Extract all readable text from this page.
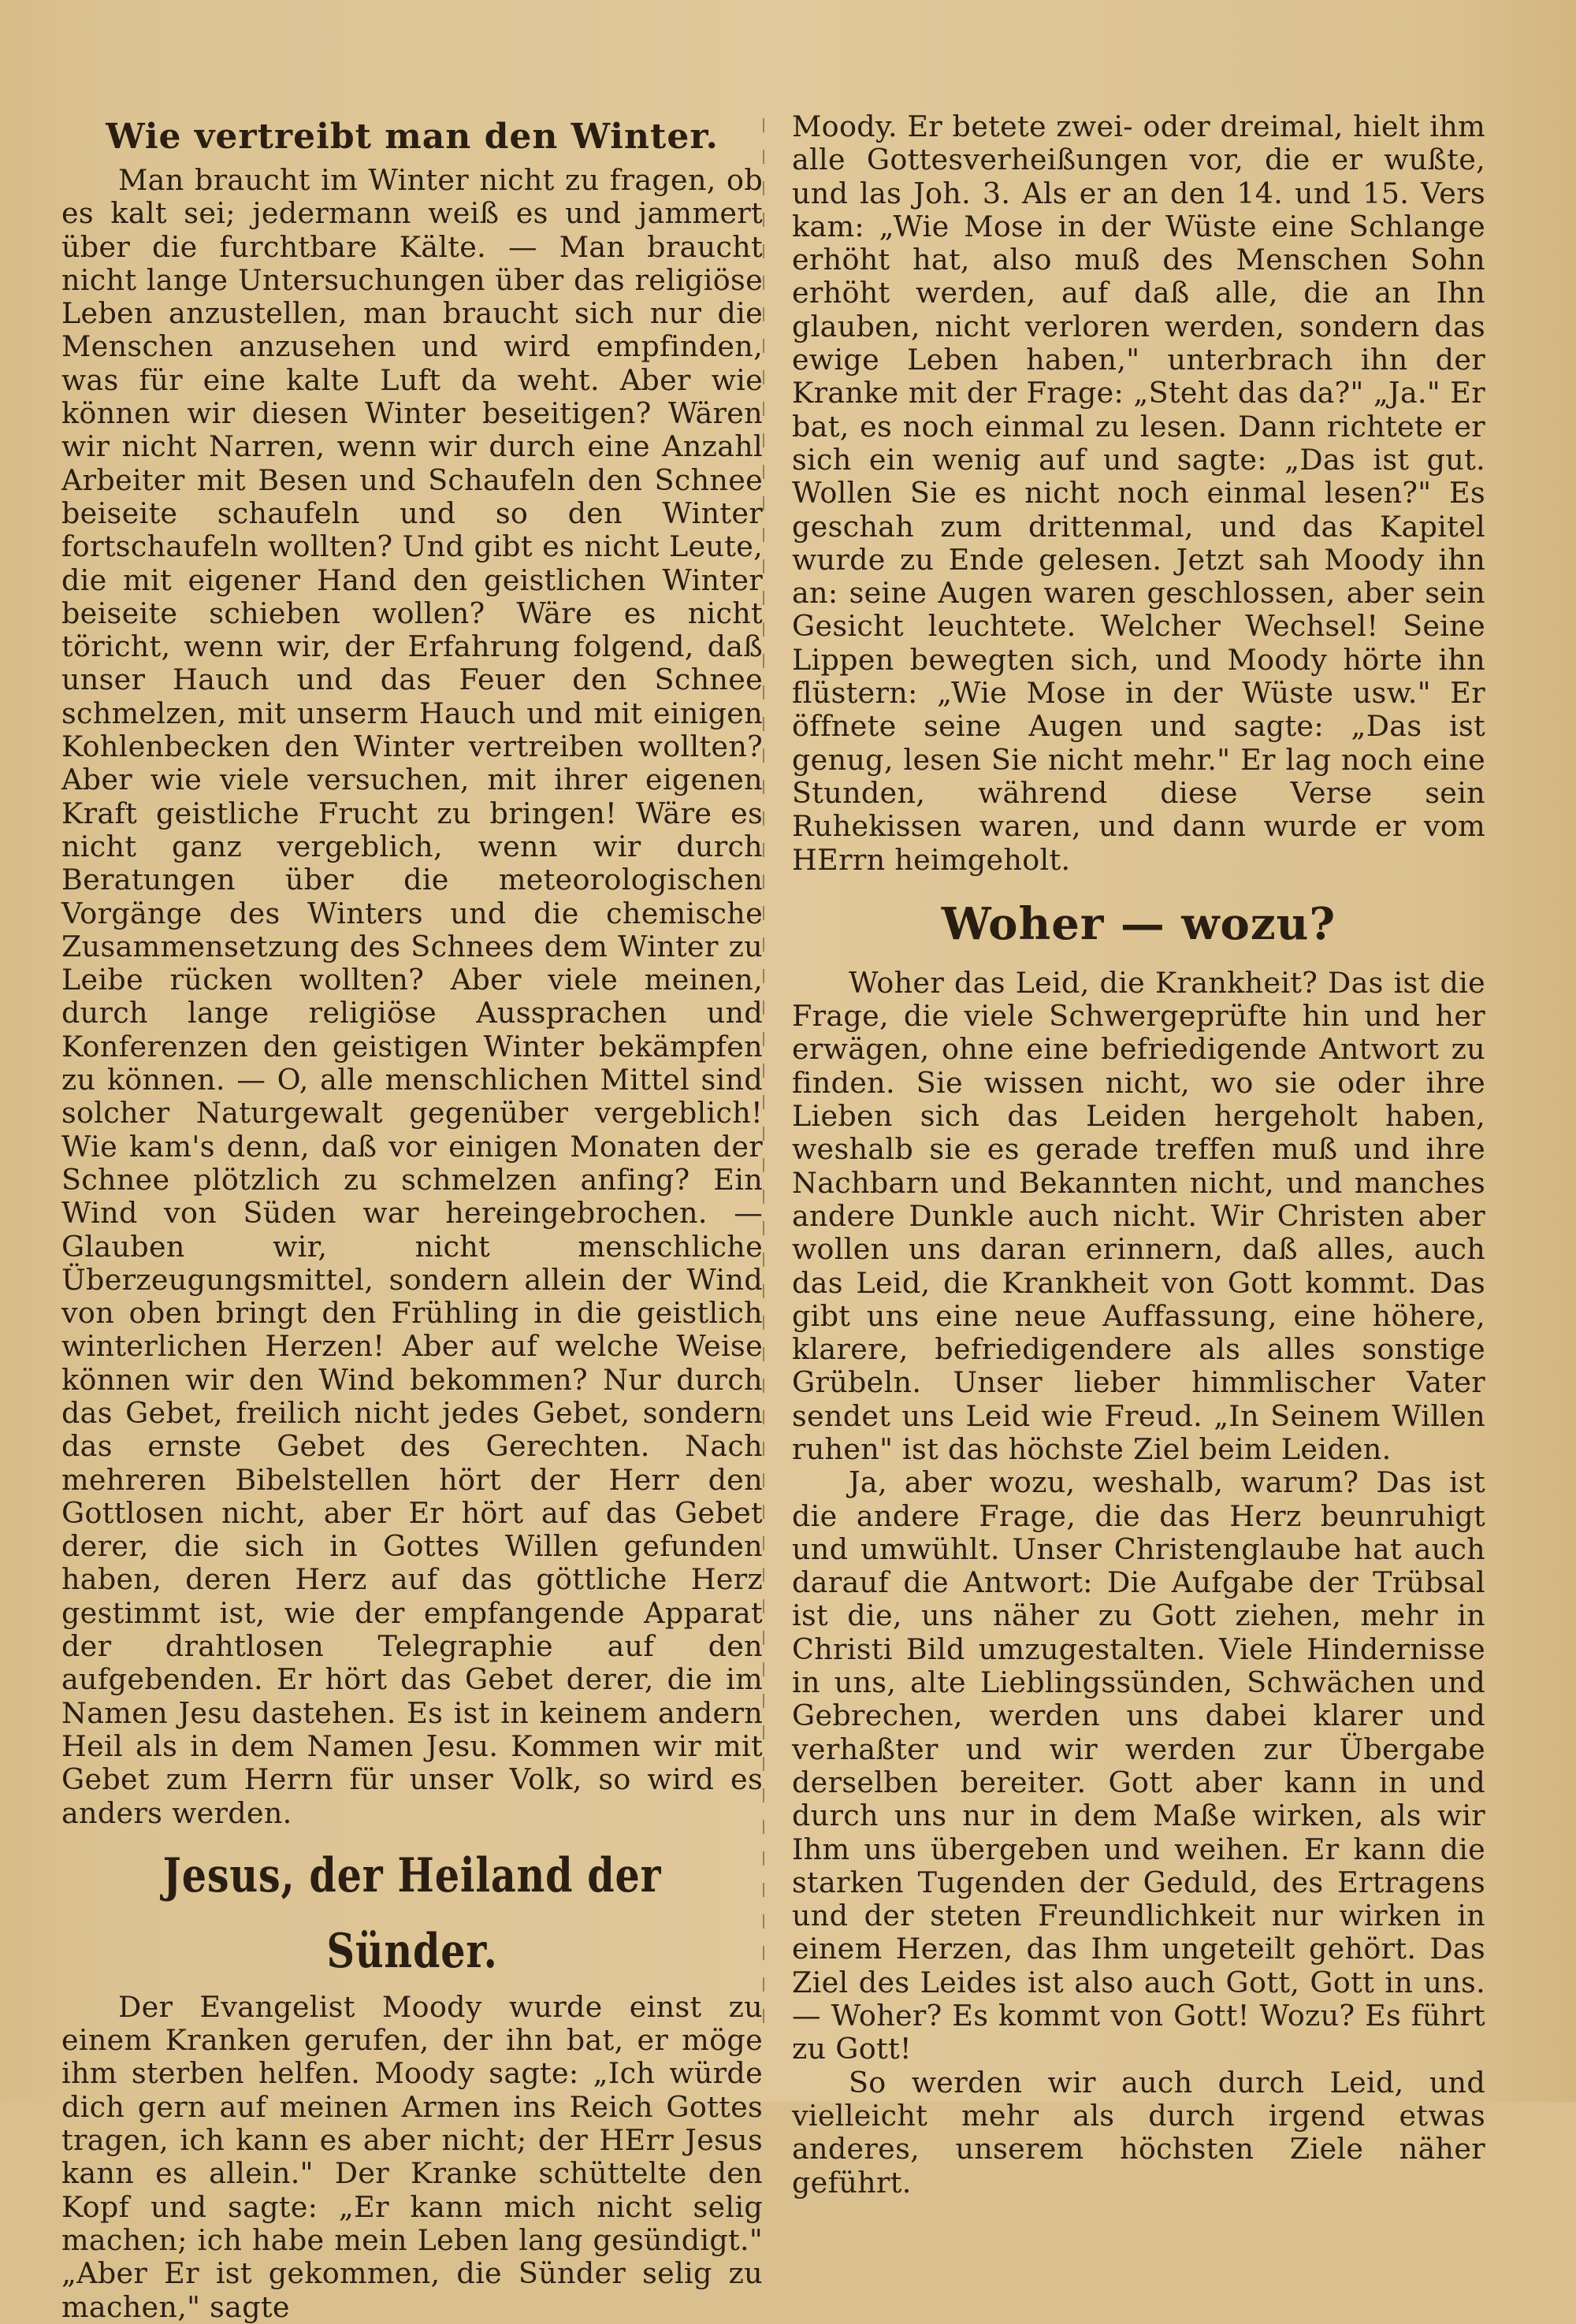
Wie vertreibt man den Winter.

Man braucht im Winter nicht zu fragen, ob es kalt sei; jedermann weiß es und jammert über die furchtbare Kälte. — Man braucht nicht lange Untersuchungen über das religiöse Leben anzustellen, man braucht sich nur die Menschen anzusehen und wird empfinden, was für eine kalte Luft da weht. Aber wie können wir diesen Winter beseitigen? Wären wir nicht Narren, wenn wir durch eine Anzahl Arbeiter mit Besen und Schaufeln den Schnee beiseite schaufeln und so den Winter fortschaufeln wollten? Und gibt es nicht Leute, die mit eigener Hand den geistlichen Winter beiseite schieben wollen? Wäre es nicht töricht, wenn wir, der Erfahrung folgend, daß unser Hauch und das Feuer den Schnee schmelzen, mit unserm Hauch und mit einigen Kohlenbecken den Winter vertreiben wollten? Aber wie viele versuchen, mit ihrer eigenen Kraft geistliche Frucht zu bringen! Wäre es nicht ganz vergeblich, wenn wir durch Beratungen über die meteorologischen Vorgänge des Winters und die chemische Zusammensetzung des Schnees dem Winter zu Leibe rücken wollten? Aber viele meinen, durch lange religiöse Aussprachen und Konferenzen den geistigen Winter bekämpfen zu können. — O, alle menschlichen Mittel sind solcher Naturgewalt gegenüber vergeblich! Wie kam's denn, daß vor einigen Monaten der Schnee plötzlich zu schmelzen anfing? Ein Wind von Süden war hereingebrochen. — Glauben wir, nicht menschliche Überzeugungsmittel, sondern allein der Wind von oben bringt den Frühling in die geistlich winterlichen Herzen! Aber auf welche Weise können wir den Wind bekommen? Nur durch das Gebet, freilich nicht jedes Gebet, sondern das ernste Gebet des Gerechten. Nach mehreren Bibelstellen hört der Herr den Gottlosen nicht, aber Er hört auf das Gebet derer, die sich in Gottes Willen gefunden haben, deren Herz auf das göttliche Herz gestimmt ist, wie der empfangende Apparat der drahtlosen Telegraphie auf den aufgebenden. Er hört das Gebet derer, die im Namen Jesu dastehen. Es ist in keinem andern Heil als in dem Namen Jesu. Kommen wir mit Gebet zum Herrn für unser Volk, so wird es anders werden.

Jesus, der Heiland der Sünder.

Der Evangelist Moody wurde einst zu einem Kranken gerufen, der ihn bat, er möge ihm sterben helfen. Moody sagte: „Ich würde dich gern auf meinen Armen ins Reich Gottes tragen, ich kann es aber nicht; der HErr Jesus kann es allein." Der Kranke schüttelte den Kopf und sagte: „Er kann mich nicht selig machen; ich habe mein Leben lang gesündigt." „Aber Er ist gekommen, die Sünder selig zu machen," sagte

Moody. Er betete zwei- oder dreimal, hielt ihm alle Gottesverheißungen vor, die er wußte, und las Joh. 3. Als er an den 14. und 15. Vers kam: „Wie Mose in der Wüste eine Schlange erhöht hat, also muß des Menschen Sohn erhöht werden, auf daß alle, die an Ihn glauben, nicht verloren werden, sondern das ewige Leben haben," unterbrach ihn der Kranke mit der Frage: „Steht das da?" „Ja." Er bat, es noch einmal zu lesen. Dann richtete er sich ein wenig auf und sagte: „Das ist gut. Wollen Sie es nicht noch einmal lesen?" Es geschah zum drittenmal, und das Kapitel wurde zu Ende gelesen. Jetzt sah Moody ihn an: seine Augen waren geschlossen, aber sein Gesicht leuchtete. Welcher Wechsel! Seine Lippen bewegten sich, und Moody hörte ihn flüstern: „Wie Mose in der Wüste usw." Er öffnete seine Augen und sagte: „Das ist genug, lesen Sie nicht mehr." Er lag noch eine Stunden, während diese Verse sein Ruhekissen waren, und dann wurde er vom HErrn heimgeholt.

Woher — wozu?

Woher das Leid, die Krankheit? Das ist die Frage, die viele Schwergeprüfte hin und her erwägen, ohne eine befriedigende Antwort zu finden. Sie wissen nicht, wo sie oder ihre Lieben sich das Leiden hergeholt haben, weshalb sie es gerade treffen muß und ihre Nachbarn und Bekannten nicht, und manches andere Dunkle auch nicht. Wir Christen aber wollen uns daran erinnern, daß alles, auch das Leid, die Krankheit von Gott kommt. Das gibt uns eine neue Auffassung, eine höhere, klarere, befriedigendere als alles sonstige Grübeln. Unser lieber himmlischer Vater sendet uns Leid wie Freud. „In Seinem Willen ruhen" ist das höchste Ziel beim Leiden.

Ja, aber wozu, weshalb, warum? Das ist die andere Frage, die das Herz beunruhigt und umwühlt. Unser Christenglaube hat auch darauf die Antwort: Die Aufgabe der Trübsal ist die, uns näher zu Gott ziehen, mehr in Christi Bild umzugestalten. Viele Hindernisse in uns, alte Lieblingssünden, Schwächen und Gebrechen, werden uns dabei klarer und verhaßter und wir werden zur Übergabe derselben bereiter. Gott aber kann in und durch uns nur in dem Maße wirken, als wir Ihm uns übergeben und weihen. Er kann die starken Tugenden der Geduld, des Ertragens und der steten Freundlichkeit nur wirken in einem Herzen, das Ihm ungeteilt gehört. Das Ziel des Leides ist also auch Gott, Gott in uns. — Woher? Es kommt von Gott! Wozu? Es führt zu Gott!

So werden wir auch durch Leid, und vielleicht mehr als durch irgend etwas anderes, unserem höchsten Ziele näher geführt.
